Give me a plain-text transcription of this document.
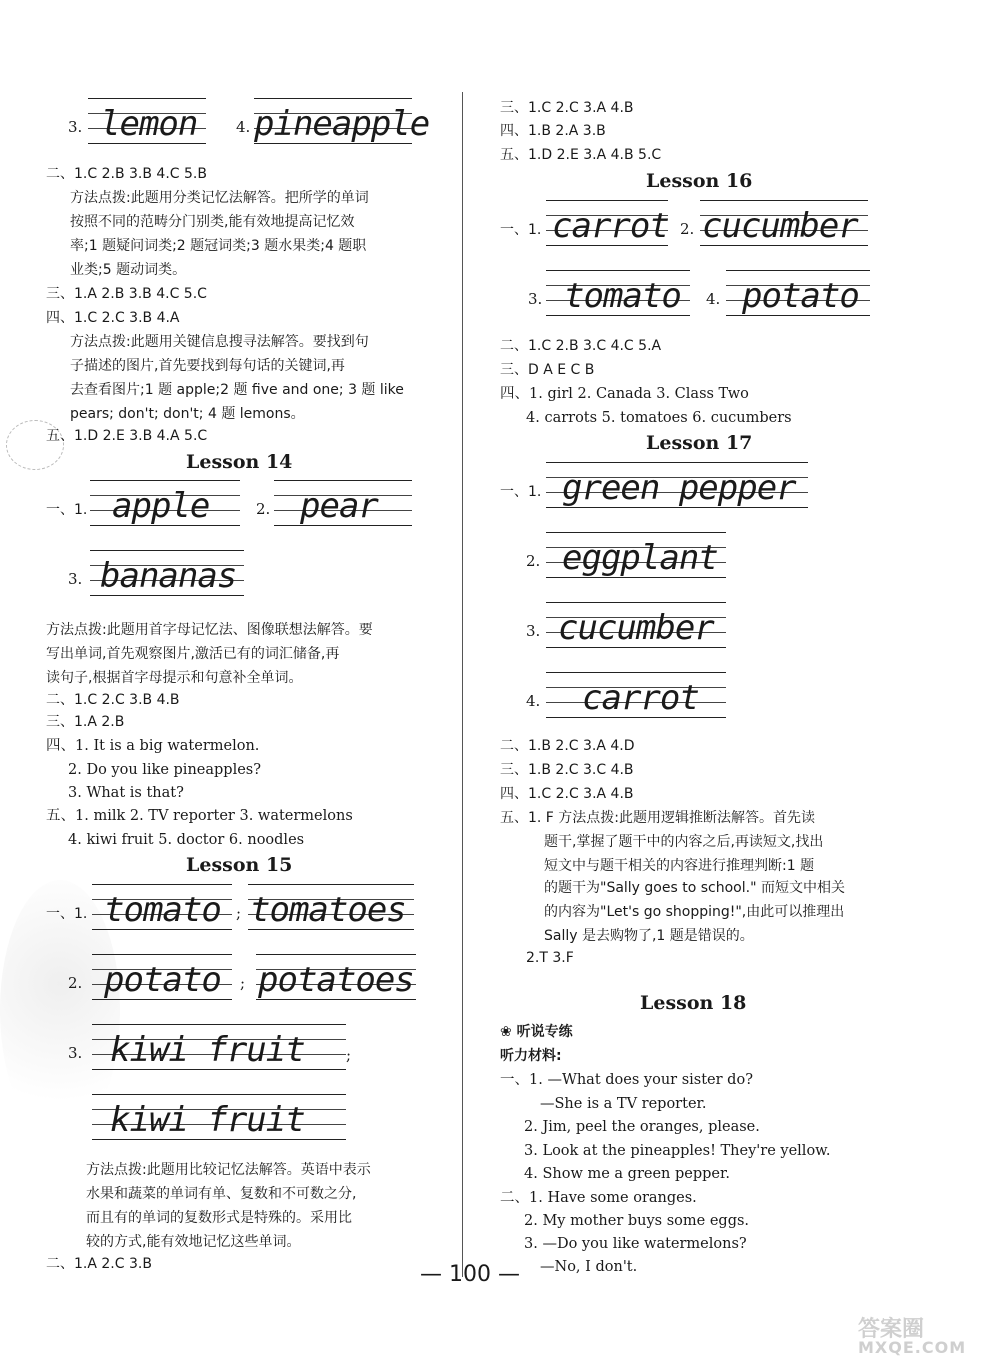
3. lemon	4. pineapple
二、1.C 2.B 3.B 4.C 5.B
方法点拨:此题用分类记忆法解答。把所学的单词
按照不同的范畴分门别类,能有效地提高记忆效
率;1 题疑问词类;2 题冠词类;3 题水果类;4 题职
业类;5 题动词类。
三、1.A 2.B 3.B 4.C 5.C
四、1.C 2.C 3.B 4.A
方法点拨:此题用关键信息搜寻法解答。要找到句
子描述的图片,首先要找到每句话的关键词,再
去查看图片;1 题 apple;2 题 five and one; 3 题 like
pears; don't; don't; 4 题 lemons。
五、1.D 2.E 3.B 4.A 5.C
Lesson 14
一、1. apple	2. pear
3. bananas
方法点拨:此题用首字母记忆法、图像联想法解答。要
写出单词,首先观察图片,激活已有的词汇储备,再
读句子,根据首字母提示和句意补全单词。
二、1.C 2.C 3.B 4.B
三、1.A 2.B
四、1. It is a big watermelon.
2. Do you like pineapples?
3. What is that?
五、1. milk 2. TV reporter 3. watermelons
4. kiwi fruit 5. doctor 6. noodles
Lesson 15
一、1. tomato ; tomatoes
2. potato ; potatoes
3. kiwi fruit	;
kiwi fruit
方法点拨:此题用比较记忆法解答。英语中表示
水果和蔬菜的单词有单、复数和不可数之分,
而且有的单词的复数形式是特殊的。采用比
较的方式,能有效地记忆这些单词。
二、1.A 2.C 3.B
三、1.C 2.C 3.A 4.B
四、1.B 2.A 3.B
五、1.D 2.E 3.A 4.B 5.C
Lesson 16
一、1. carrot 2. cucumber
3. tomato 4. potato
二、1.C 2.B 3.C 4.C 5.A
三、D A E C B
四、1. girl 2. Canada 3. Class Two
4. carrots 5. tomatoes 6. cucumbers
Lesson 17
一、1. green pepper
2. eggplant
3. cucumber
4. carrot
二、1.B 2.C 3.A 4.D
三、1.B 2.C 3.C 4.B
四、1.C 2.C 3.A 4.B
五、1. F 方法点拨:此题用逻辑推断法解答。首先读
题干,掌握了题干中的内容之后,再读短文,找出
短文中与题干相关的内容进行推理判断:1 题
的题干为"Sally goes to school." 而短文中相关
的内容为"Let's go shopping!",由此可以推理出
Sally 是去购物了,1 题是错误的。
2.T 3.F
Lesson 18
❀ 听说专练
听力材料:
一、1. —What does your sister do?
—She is a TV reporter.
2. Jim, peel the oranges, please.
3. Look at the pineapples! They're yellow.
4. Show me a green pepper.
二、1. Have some oranges.
2. My mother buys some eggs.
3. —Do you like watermelons?
—No, I don't.
— 100 —
答案圈
MXQE.COM
